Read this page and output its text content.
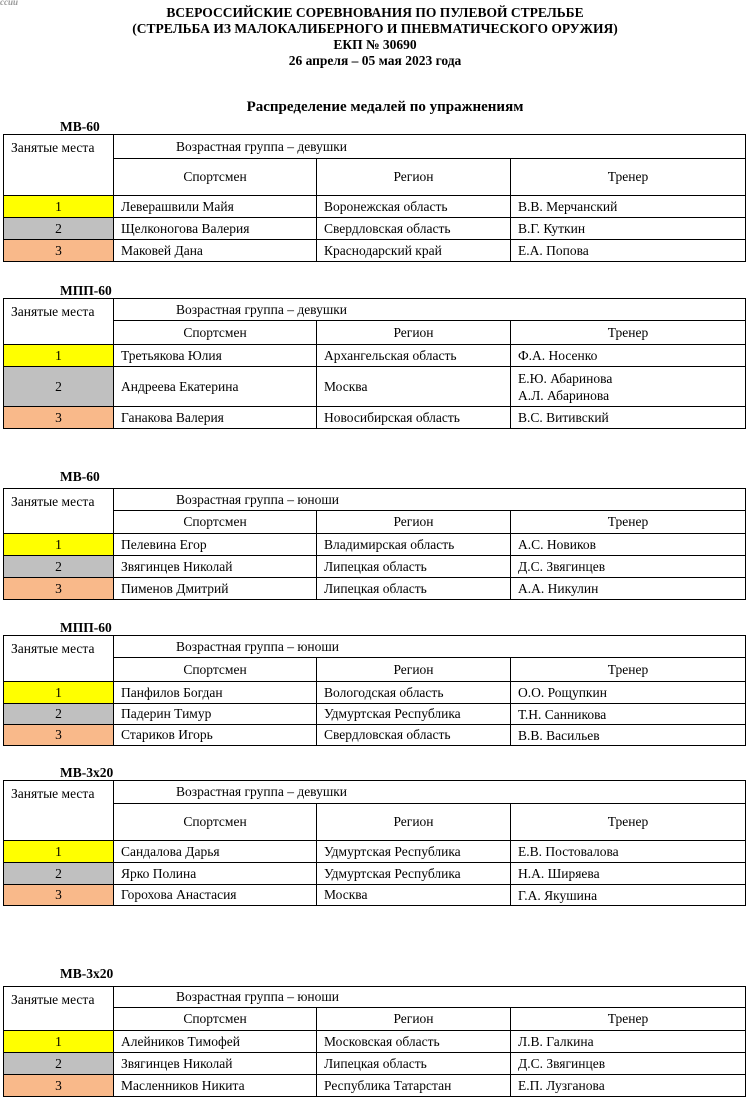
ссии
ВСЕРОССИЙСКИЕ СОРЕВНОВАНИЯ ПО ПУЛЕВОЙ СТРЕЛЬБЕ
(СТРЕЛЬБА ИЗ МАЛОКАЛИБЕРНОГО И ПНЕВМАТИЧЕСКОГО ОРУЖИЯ)
ЕКП № 30690
26 апреля – 05 мая 2023 года
Распределение медалей по упражнениям
МВ-60
Занятые места	Возрастная группа – девушки		
	Спортсмен	Регион	Тренер
1	Леверашвили Майя	Воронежская область	В.В. Мерчанский

2	Щелконогова Валерия	Свердловская область	В.Г. Куткин

3	Маковей Дана	Краснодарский край	Е.А. Попова
МПП-60
Занятые места	Возрастная группа – девушки		
	Спортсмен	Регион	Тренер
1	Третьякова Юлия	Архангельская область	Ф.А. Носенко

2	Андреева Екатерина	Москва	Е.Ю. Абаринова
А.Л. Абаринова

3	Ганакова Валерия	Новосибирская область	В.С. Витивский
МВ-60
Занятые места	Возрастная группа – юноши		
	Спортсмен	Регион	Тренер
1	Пелевина Егор	Владимирская область	А.С. Новиков

2	Звягинцев Николай	Липецкая область	Д.С. Звягинцев

3	Пименов Дмитрий	Липецкая область	А.А. Никулин
МПП-60
Занятые места	Возрастная группа – юноши		
	Спортсмен	Регион	Тренер
1	Панфилов Богдан	Вологодская область	О.О. Рощупкин

2	Падерин Тимур	Удмуртская Республика	Т.Н. Санникова

3	Стариков Игорь	Свердловская область	В.В. Васильев
МВ-3х20
Занятые места	Возрастная группа – девушки		
	Спортсмен	Регион	Тренер
1	Сандалова Дарья	Удмуртская Республика	Е.В. Постовалова

2	Ярко Полина	Удмуртская Республика	Н.А. Ширяева

3	Горохова Анастасия	Москва	Г.А. Якушина
МВ-3х20
Занятые места	Возрастная группа – юноши		
	Спортсмен	Регион	Тренер
1	Алейников Тимофей	Московская область	Л.В. Галкина

2	Звягинцев Николай	Липецкая область	Д.С. Звягинцев

3	Масленников Никита	Республика Татарстан	Е.П. Лузганова
